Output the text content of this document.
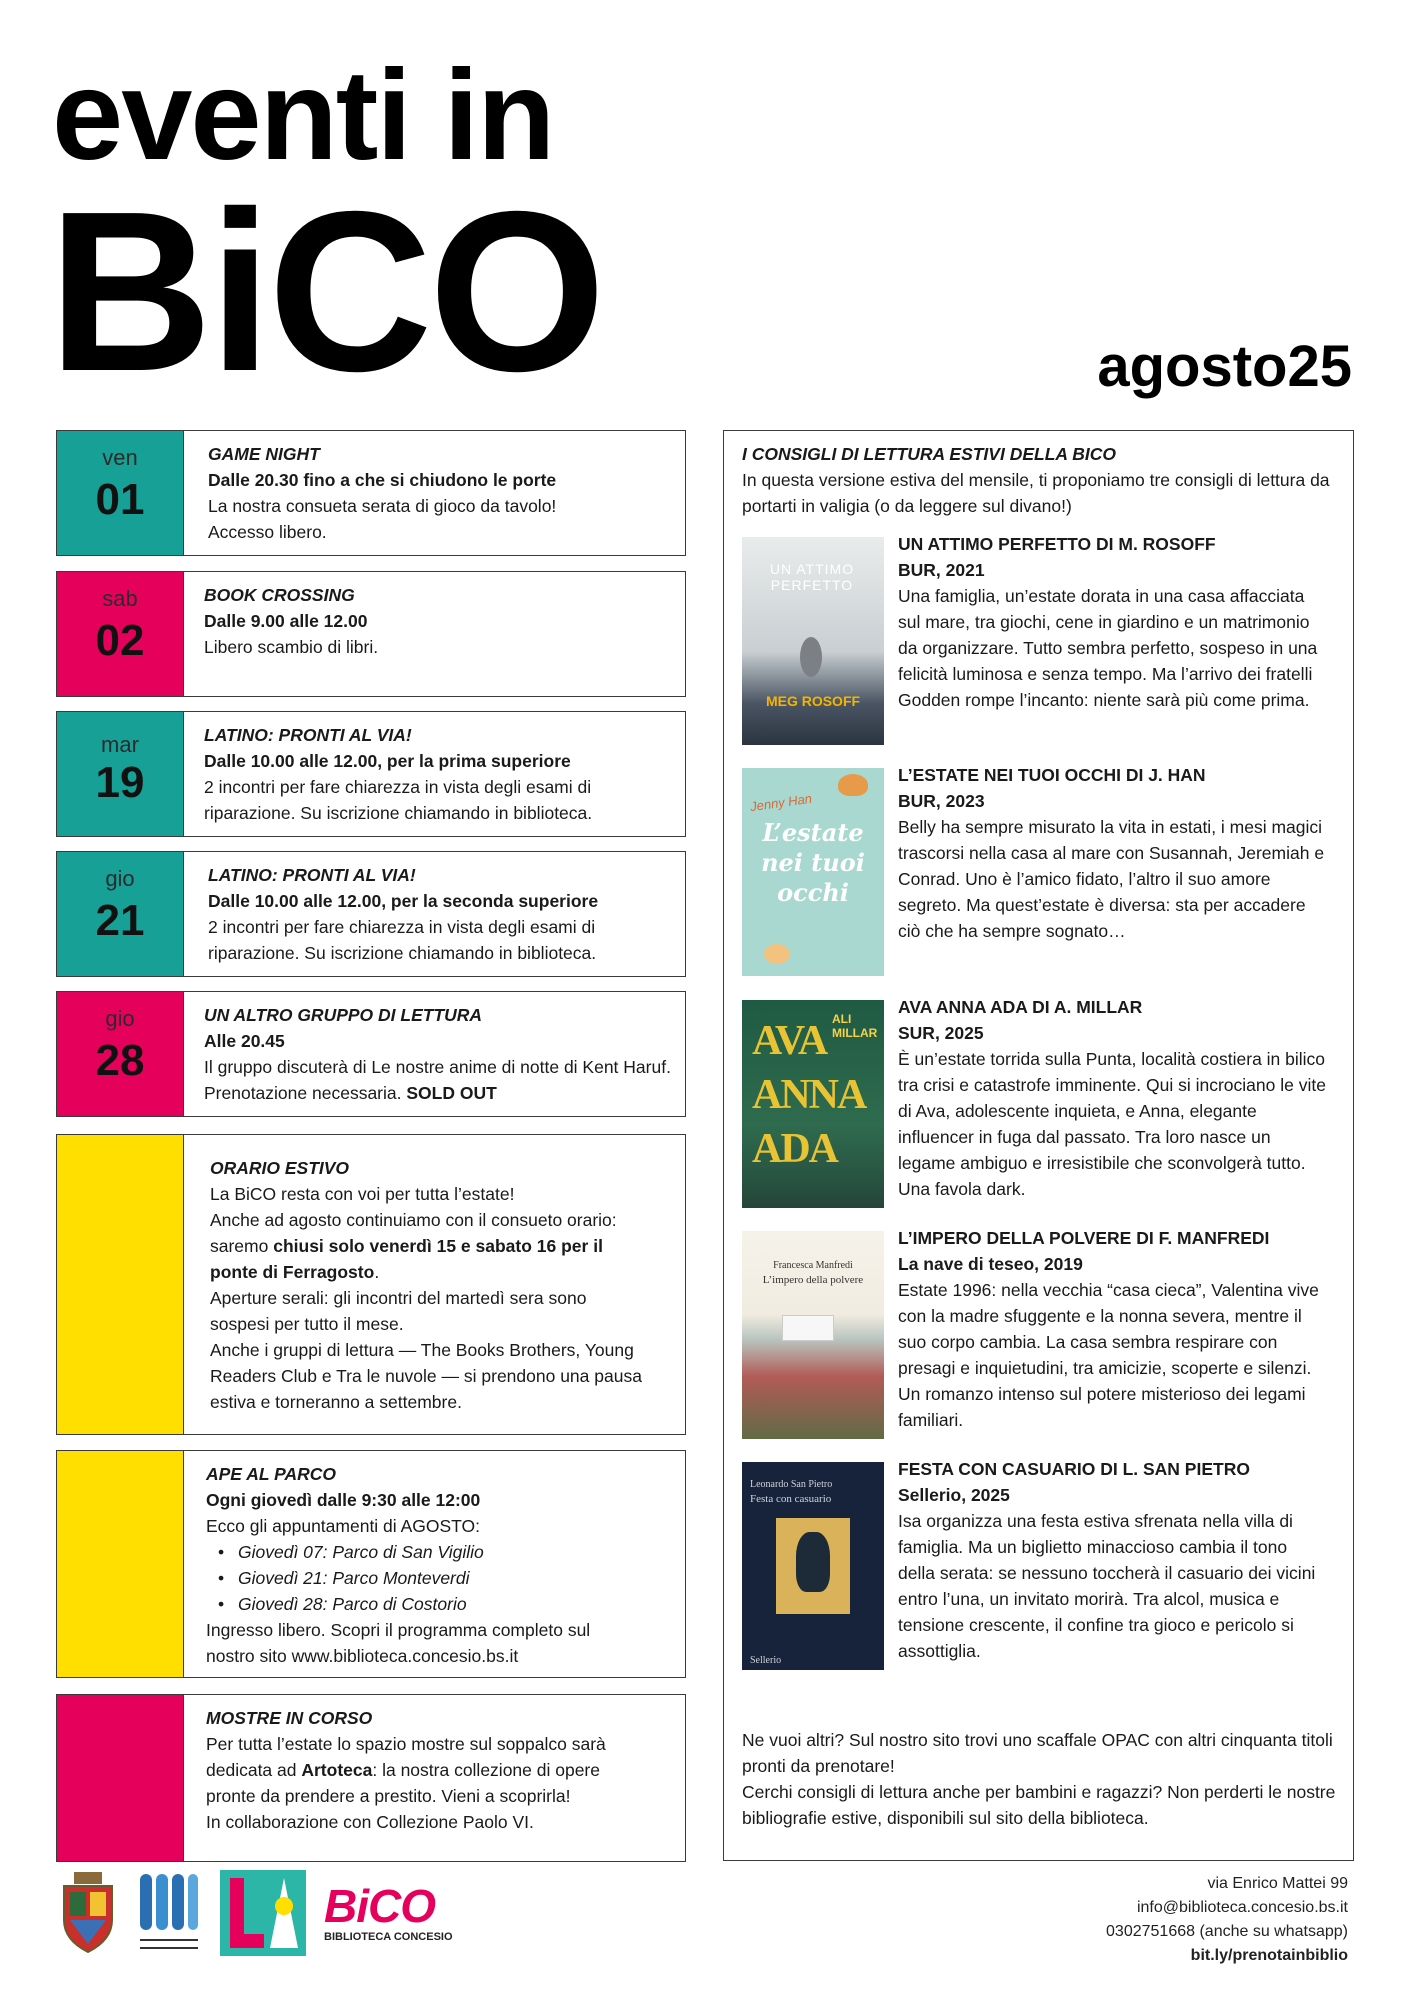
eventi in
BiCO	agosto25
ven
01
GAME NIGHT
Dalle 20.30 fino a che si chiudono le porte
La nostra consueta serata di gioco da tavolo! Accesso libero.
sab
02
BOOK CROSSING
Dalle 9.00 alle 12.00
Libero scambio di libri.
mar
19
LATINO: PRONTI AL VIA!
Dalle 10.00 alle 12.00, per la prima superiore
2 incontri per fare chiarezza in vista degli esami di riparazione. Su iscrizione chiamando in biblioteca.
gio
21
LATINO: PRONTI AL VIA!
Dalle 10.00 alle 12.00, per la seconda superiore
2 incontri per fare chiarezza in vista degli esami di riparazione. Su iscrizione chiamando in biblioteca.
gio
28
UN ALTRO GRUPPO DI LETTURA
Alle 20.45
Il gruppo discuterà di Le nostre anime di notte di Kent Haruf. Prenotazione necessaria. SOLD OUT
ORARIO ESTIVO
La BiCO resta con voi per tutta l’estate!
Anche ad agosto continuiamo con il consueto orario: saremo chiusi solo venerdì 15 e sabato 16 per il ponte di Ferragosto.
Aperture serali: gli incontri del martedì sera sono sospesi per tutto il mese.
Anche i gruppi di lettura — The Books Brothers, Young Readers Club e Tra le nuvole — si prendono una pausa estiva e torneranno a settembre.
APE AL PARCO
Ogni giovedì dalle 9:30 alle 12:00
Ecco gli appuntamenti di AGOSTO:
• Giovedì 07: Parco di San Vigilio
• Giovedì 21: Parco Monteverdi
• Giovedì 28: Parco di Costorio
Ingresso libero. Scopri il programma completo sul nostro sito www.biblioteca.concesio.bs.it
MOSTRE IN CORSO
Per tutta l’estate lo spazio mostre sul soppalco sarà dedicata ad Artoteca: la nostra collezione di opere pronte da prendere a prestito. Vieni a scoprirla!
In collaborazione con Collezione Paolo VI.
I CONSIGLI DI LETTURA ESTIVI DELLA BICO
In questa versione estiva del mensile, ti proponiamo tre consigli di lettura da portarti in valigia (o da leggere sul divano!)
UN ATTIMO PERFETTO
MEG ROSOFF
UN ATTIMO PERFETTO DI M. ROSOFF
BUR, 2021
Una famiglia, un’estate dorata in una casa affacciata sul mare, tra giochi, cene in giardino e un matrimonio da organizzare. Tutto sembra perfetto, sospeso in una felicità luminosa e senza tempo. Ma l’arrivo dei fratelli Godden rompe l’incanto: niente sarà più come prima.
Jenny Han
L’estate nei tuoi occhi
L’ESTATE NEI TUOI OCCHI DI J. HAN
BUR, 2023
Belly ha sempre misurato la vita in estati, i mesi magici trascorsi nella casa al mare con Susannah, Jeremiah e Conrad. Uno è l’amico fidato, l’altro il suo amore segreto. Ma quest’estate è diversa: sta per accadere ciò che ha sempre sognato…
ALI MILLAR
AVA ANNA ADA
AVA ANNA ADA DI A. MILLAR
SUR, 2025
È un’estate torrida sulla Punta, località costiera in bilico tra crisi e catastrofe imminente. Qui si incrociano le vite di Ava, adolescente inquieta, e Anna, elegante influencer in fuga dal passato. Tra loro nasce un legame ambiguo e irresistibile che sconvolgerà tutto. Una favola dark.
Francesca Manfredi
L’impero della polvere
L’IMPERO DELLA POLVERE DI F. MANFREDI
La nave di teseo, 2019
Estate 1996: nella vecchia “casa cieca”, Valentina vive con la madre sfuggente e la nonna severa, mentre il suo corpo cambia. La casa sembra respirare con presagi e inquietudini, tra amicizie, scoperte e silenzi. Un romanzo intenso sul potere misterioso dei legami familiari.
Leonardo San Pietro
Festa con casuario
Sellerio
FESTA CON CASUARIO DI L. SAN PIETRO
Sellerio, 2025
Isa organizza una festa estiva sfrenata nella villa di famiglia. Ma un biglietto minaccioso cambia il tono della serata: se nessuno toccherà il casuario dei vicini entro l’una, un invitato morirà. Tra alcol, musica e tensione crescente, il confine tra gioco e pericolo si assottiglia.
Ne vuoi altri? Sul nostro sito trovi uno scaffale OPAC con altri cinquanta titoli pronti da prenotare!
Cerchi consigli di lettura anche per bambini e ragazzi? Non perderti le nostre bibliografie estive, disponibili sul sito della biblioteca.
BiCO
BIBLIOTECA CONCESIO
via Enrico Mattei 99
info@biblioteca.concesio.bs.it
0302751668 (anche su whatsapp)
bit.ly/prenotainbiblio
